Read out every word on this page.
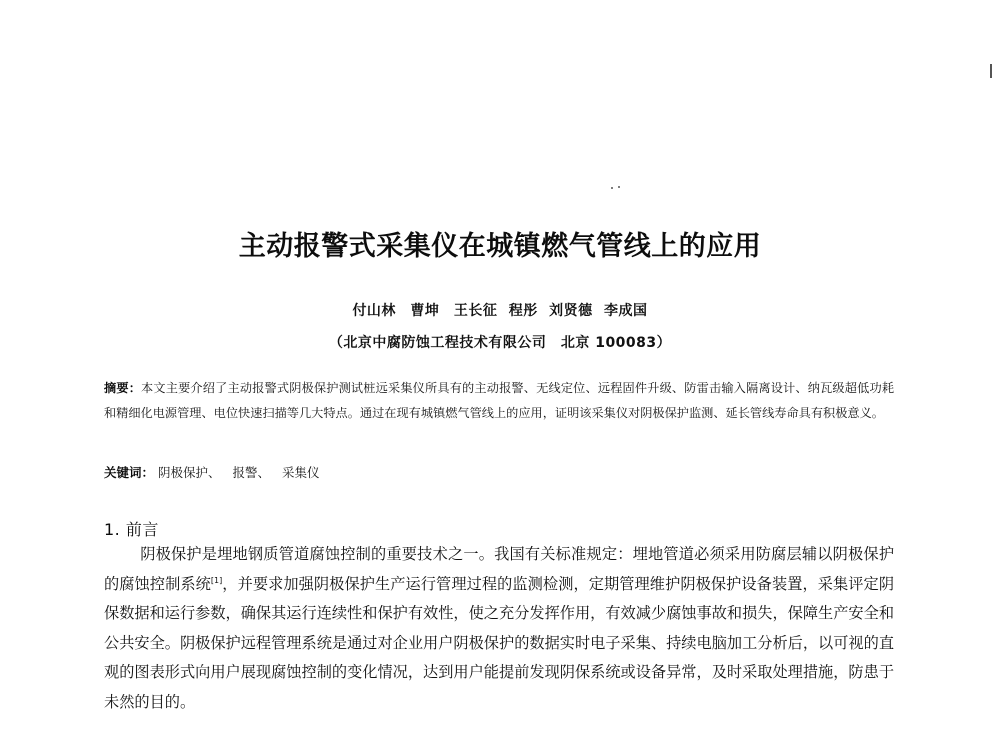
主动报警式采集仪在城镇燃气管线上的应用
付山林　曹坤　王长征 程彤 刘贤德 李成国
（北京中腐防蚀工程技术有限公司　北京 100083）
摘要：本文主要介绍了主动报警式阴极保护测试桩远采集仪所具有的主动报警、无线定位、远程固件升级、防雷击输入隔离设计、纳瓦级超低功耗和精细化电源管理、电位快速扫描等几大特点。通过在现有城镇燃气管线上的应用，证明该采集仪对阴极保护监测、延长管线寿命具有积极意义。
关键词： 阴极保护、 报警、 采集仪
1. 前言
阴极保护是埋地钢质管道腐蚀控制的重要技术之一。我国有关标准规定：埋地管道必须采用防腐层辅以阴极保护的腐蚀控制系统[1]，并要求加强阴极保护生产运行管理过程的监测检测，定期管理维护阴极保护设备装置，采集评定阴保数据和运行参数，确保其运行连续性和保护有效性，使之充分发挥作用，有效减少腐蚀事故和损失，保障生产安全和公共安全。阴极保护远程管理系统是通过对企业用户阴极保护的数据实时电子采集、持续电脑加工分析后，以可视的直观的图表形式向用户展现腐蚀控制的变化情况，达到用户能提前发现阴保系统或设备异常，及时采取处理措施，防患于未然的目的。
